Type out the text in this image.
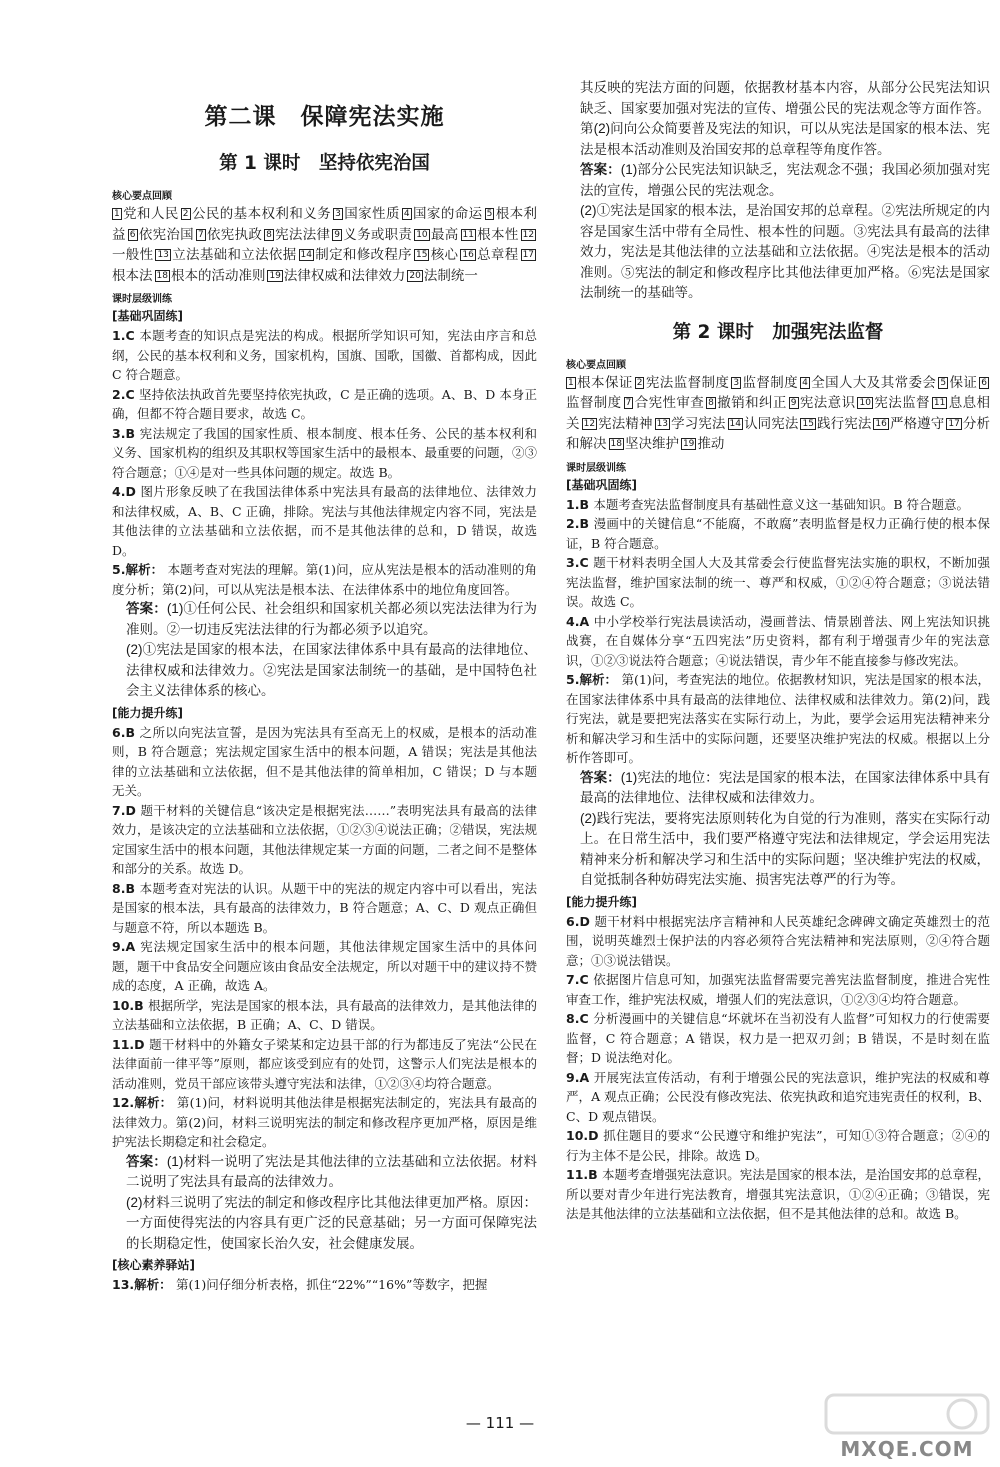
第二课　保障宪法实施
第 1 课时　坚持依宪治国
核心要点回顾
1 党和人民 2 公民的基本权利和义务 3 国家性质 4 国家的命运 5 根本利益 6 依宪治国 7 依宪执政 8 宪法法律 9 义务或职责 10 最高 11 根本性 12一般性 13 立法基础和立法依据 14 制定和修改程序 15 核心 16 总章程 17根本法 18 根本的活动准则 19 法律权威和法律效力 20 法制统一
课时层级训练
[基础巩固练]

1.C 本题考查的知识点是宪法的构成。根据所学知识可知，宪法由序言和总纲，公民的基本权利和义务，国家机构，国旗、国歌，国徽、首都构成，因此 C 符合题意。

2.C 坚持依法执政首先要坚持依宪执政，C 是正确的选项。A、B、D 本身正确，但都不符合题目要求，故选 C。

3.B 宪法规定了我国的国家性质、根本制度、根本任务、公民的基本权利和义务、国家机构的组织及其职权等国家生活中的最根本、最重要的问题，②③符合题意；①④是对一些具体问题的规定。故选 B。

4.D 图片形象反映了在我国法律体系中宪法具有最高的法律地位、法律效力和法律权威，A、B、C 正确，排除。宪法与其他法律规定内容不同，宪法是其他法律的立法基础和立法依据，而不是其他法律的总和，D 错误，故选 D。

5.解析： 本题考查对宪法的理解。第(1)问，应从宪法是根本的活动准则的角度分析；第(2)问，可以从宪法是根本法、在法律体系中的地位角度回答。

答案：(1)①任何公民、社会组织和国家机关都必须以宪法法律为行为准则。②一切违反宪法法律的行为都必须予以追究。

(2)①宪法是国家的根本法，在国家法律体系中具有最高的法律地位、法律权威和法律效力。②宪法是国家法制统一的基础，是中国特色社会主义法律体系的核心。

[能力提升练]

6.B 之所以向宪法宣誓，是因为宪法具有至高无上的权威，是根本的活动准则，B 符合题意；宪法规定国家生活中的根本问题，A 错误；宪法是其他法律的立法基础和立法依据，但不是其他法律的简单相加，C 错误；D 与本题无关。

7.D 题干材料的关键信息“该决定是根据宪法……”表明宪法具有最高的法律效力，是该决定的立法基础和立法依据，①②③④说法正确；②错误，宪法规定国家生活中的根本问题，其他法律规定某一方面的问题，二者之间不是整体和部分的关系。故选 D。

8.B 本题考查对宪法的认识。从题干中的宪法的规定内容中可以看出，宪法是国家的根本法，具有最高的法律效力，B 符合题意；A、C、D 观点正确但与题意不符，所以本题选 B。

9.A 宪法规定国家生活中的根本问题，其他法律规定国家生活中的具体问题，题干中食品安全问题应该由食品安全法规定，所以对题干中的建议持不赞成的态度，A 正确，故选 A。

10.B 根据所学，宪法是国家的根本法，具有最高的法律效力，是其他法律的立法基础和立法依据，B 正确；A、C、D 错误。

11.D 题干材料中的外籍女子梁某和定边县干部的行为都违反了宪法“公民在法律面前一律平等”原则，都应该受到应有的处罚，这警示人们宪法是根本的活动准则，党员干部应该带头遵守宪法和法律，①②③④均符合题意。

12.解析： 第(1)问，材料说明其他法律是根据宪法制定的，宪法具有最高的法律效力。第(2)问，材料三说明宪法的制定和修改程序更加严格，原因是维护宪法长期稳定和社会稳定。

答案：(1)材料一说明了宪法是其他法律的立法基础和立法依据。材料二说明了宪法具有最高的法律效力。

(2)材料三说明了宪法的制定和修改程序比其他法律更加严格。原因：一方面使得宪法的内容具有更广泛的民意基础；另一方面可保障宪法的长期稳定性，使国家长治久安，社会健康发展。

[核心素养驿站]

13.解析： 第(1)问仔细分析表格，抓住“22%”“16%”等数字，把握

其反映的宪法方面的问题，依据教材基本内容，从部分公民宪法知识缺乏、国家要加强对宪法的宣传、增强公民的宪法观念等方面作答。第(2)问向公众简要普及宪法的知识，可以从宪法是国家的根本法、宪法是根本活动准则及治国安邦的总章程等角度作答。

答案：(1)部分公民宪法知识缺乏，宪法观念不强；我国必须加强对宪法的宣传，增强公民的宪法观念。

(2)①宪法是国家的根本法，是治国安邦的总章程。②宪法所规定的内容是国家生活中带有全局性、根本性的问题。③宪法具有最高的法律效力，宪法是其他法律的立法基础和立法依据。④宪法是根本的活动准则。⑤宪法的制定和修改程序比其他法律更加严格。⑥宪法是国家法制统一的基础等。

第 2 课时　加强宪法监督
核心要点回顾
1 根本保证 2 宪法监督制度 3 监督制度 4 全国人大及其常委会 5 保证 6监督制度 7 合宪性审查 8 撤销和纠正 9 宪法意识 10 宪法监督 11 息息相关 12 宪法精神 13 学习宪法 14 认同宪法 15 践行宪法 16 严格遵守 17 分析和解决 18 坚决维护 19 推动
课时层级训练
[基础巩固练]

1.B 本题考查宪法监督制度具有基础性意义这一基础知识。B 符合题意。

2.B 漫画中的关键信息“不能腐，不敢腐”表明监督是权力正确行使的根本保证，B 符合题意。

3.C 题干材料表明全国人大及其常委会行使监督宪法实施的职权，不断加强宪法监督，维护国家法制的统一、尊严和权威，①②④符合题意；③说法错误。故选 C。

4.A 中小学校举行宪法晨读活动，漫画普法、情景剧普法、网上宪法知识挑战赛，在自媒体分享“五四宪法”历史资料，都有利于增强青少年的宪法意识，①②③说法符合题意；④说法错误，青少年不能直接参与修改宪法。

5.解析： 第(1)问，考查宪法的地位。依据教材知识，宪法是国家的根本法，在国家法律体系中具有最高的法律地位、法律权威和法律效力。第(2)问，践行宪法，就是要把宪法落实在实际行动上，为此，要学会运用宪法精神来分析和解决学习和生活中的实际问题，还要坚决维护宪法的权威。根据以上分析作答即可。

答案：(1)宪法的地位：宪法是国家的根本法，在国家法律体系中具有最高的法律地位、法律权威和法律效力。

(2)践行宪法，要将宪法原则转化为自觉的行为准则，落实在实际行动上。在日常生活中，我们要严格遵守宪法和法律规定，学会运用宪法精神来分析和解决学习和生活中的实际问题；坚决维护宪法的权威，自觉抵制各种妨碍宪法实施、损害宪法尊严的行为等。

[能力提升练]

6.D 题干材料中根据宪法序言精神和人民英雄纪念碑碑文确定英雄烈士的范围，说明英雄烈士保护法的内容必须符合宪法精神和宪法原则，②④符合题意；①③说法错误。

7.C 依据图片信息可知，加强宪法监督需要完善宪法监督制度，推进合宪性审查工作，维护宪法权威，增强人们的宪法意识，①②③④均符合题意。

8.C 分析漫画中的关键信息“坏就坏在当初没有人监督”可知权力的行使需要监督，C 符合题意；A 错误，权力是一把双刃剑；B 错误，不是时刻在监督；D 说法绝对化。

9.A 开展宪法宣传活动，有利于增强公民的宪法意识，维护宪法的权威和尊严，A 观点正确；公民没有修改宪法、依宪执政和追究违宪责任的权利，B、C、D 观点错误。

10.D 抓住题目的要求“公民遵守和维护宪法”，可知①③符合题意；②④的行为主体不是公民，排除。故选 D。

11.B 本题考查增强宪法意识。宪法是国家的根本法，是治国安邦的总章程，所以要对青少年进行宪法教育，增强其宪法意识，①②④正确；③错误，宪法是其他法律的立法基础和立法依据，但不是其他法律的总和。故选 B。

— 111 —
MXQE.COM
